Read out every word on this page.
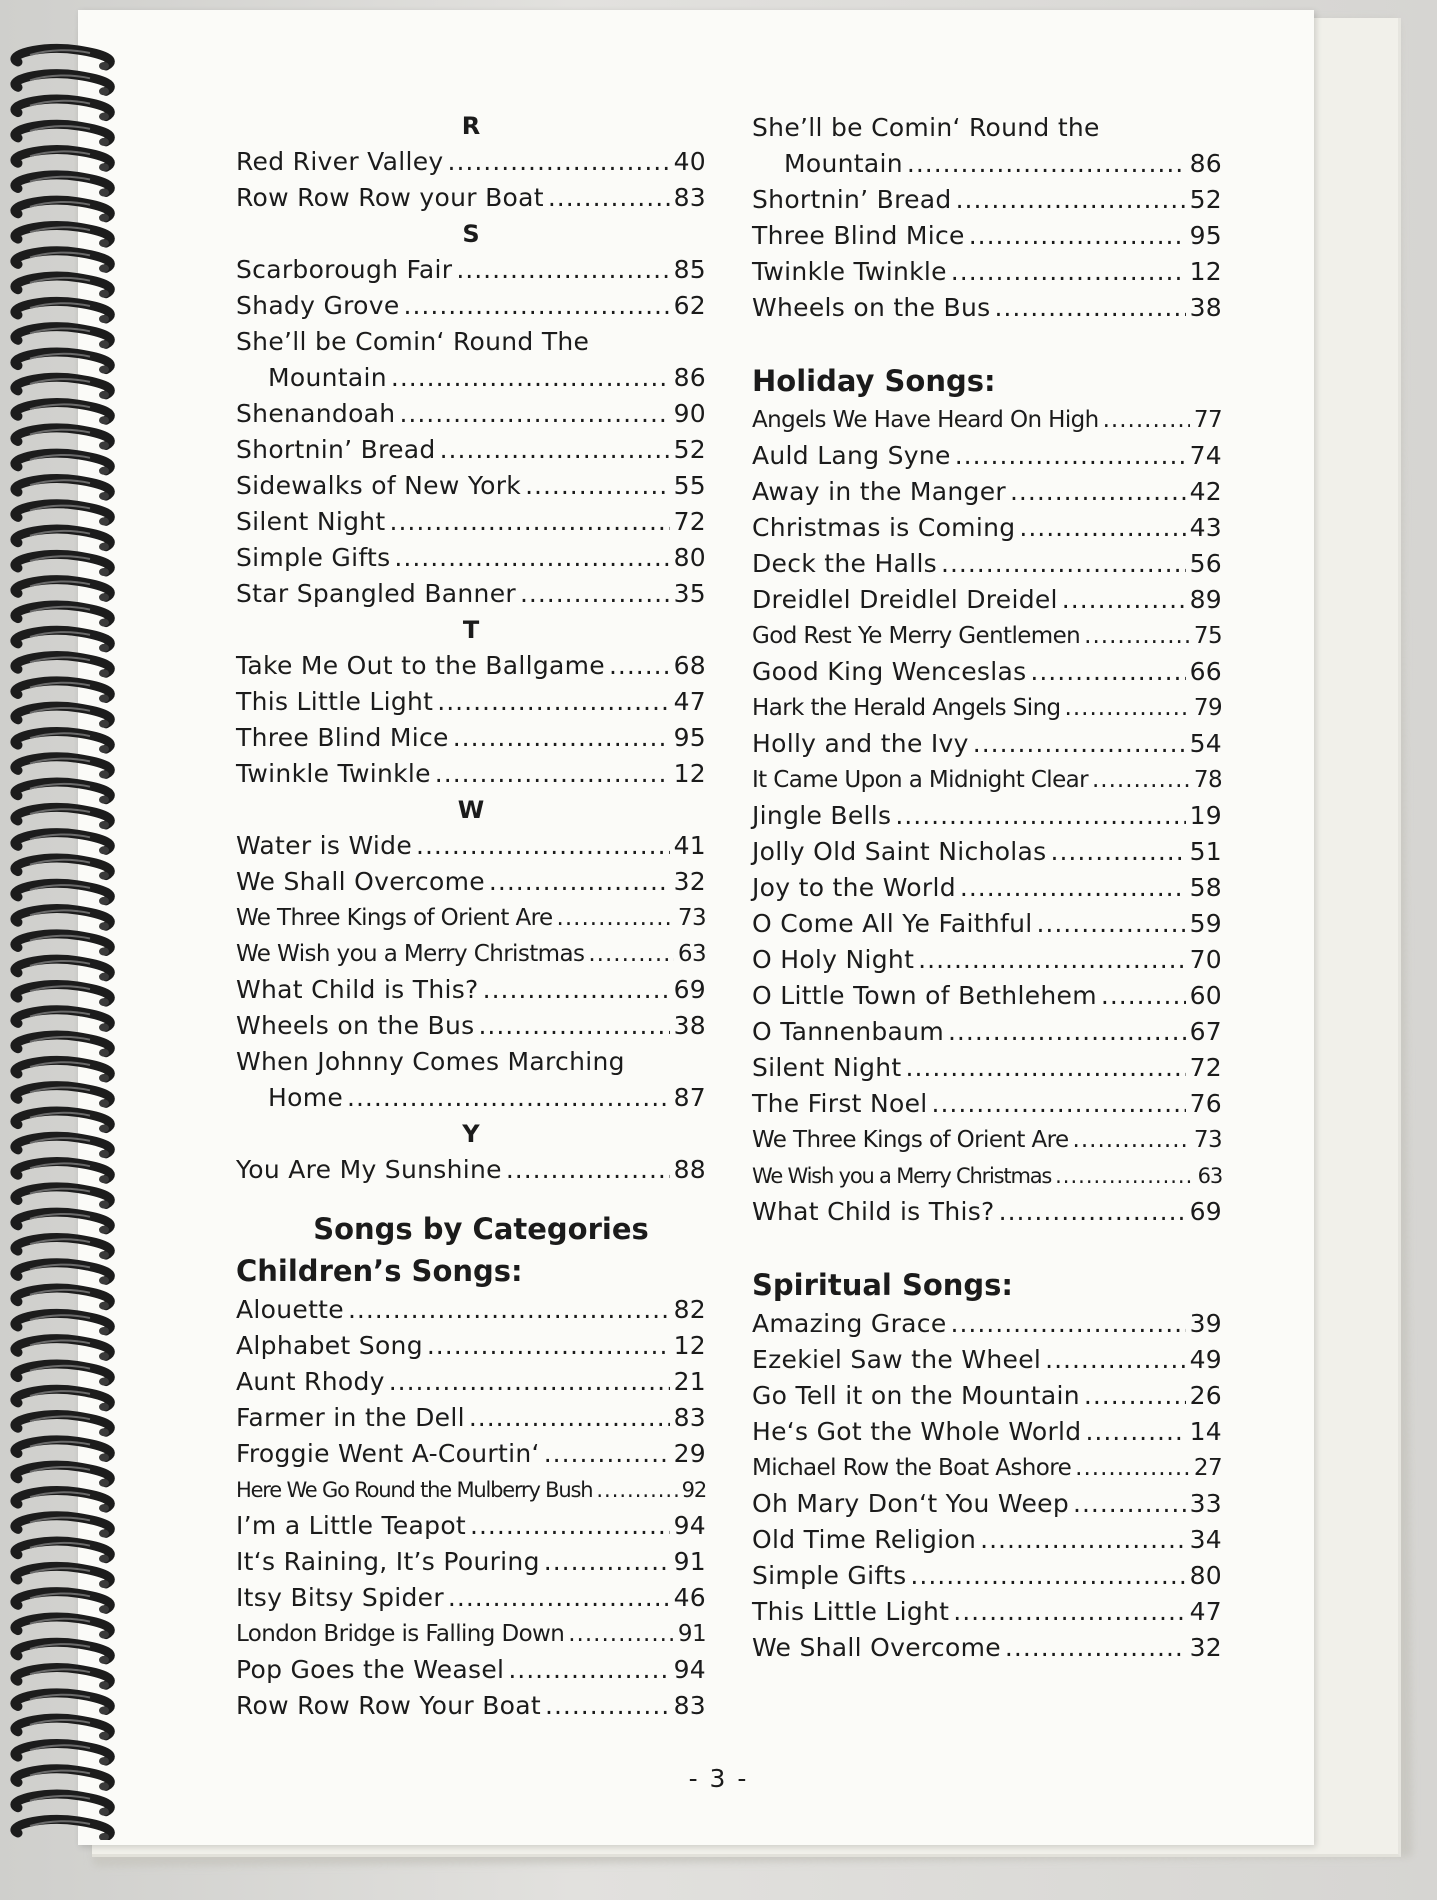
R
Red River Valley .....	40
Row Row Row your Boat .....	83
S
Scarborough Fair .....	85
Shady Grove .....	62
She’ll be Comin‘ Round The
Mountain .....	86
Shenandoah .....	90
Shortnin’ Bread .....	52
Sidewalks of New York .....	55
Silent Night .....	72
Simple Gifts .....	80
Star Spangled Banner .....	35
T
Take Me Out to the Ballgame .....	68
This Little Light .....	47
Three Blind Mice .....	95
Twinkle Twinkle .....	12
W
Water is Wide .....	41
We Shall Overcome .....	32
We Three Kings of Orient Are .....	73
We Wish you a Merry Christmas .....	63
What Child is This? .....	69
Wheels on the Bus .....	38
When Johnny Comes Marching
Home .....	87
Y
You Are My Sunshine .....	88
Songs by Categories
Children’s Songs:
Alouette .....	82
Alphabet Song .....	12
Aunt Rhody .....	21
Farmer in the Dell .....	83
Froggie Went A-Courtin‘ .....	29
Here We Go Round the Mulberry Bush .....	92
I’m a Little Teapot .....	94
It‘s Raining, It’s Pouring .....	91
Itsy Bitsy Spider .....	46
London Bridge is Falling Down .....	91
Pop Goes the Weasel .....	94
Row Row Row Your Boat .....	83
She’ll be Comin‘ Round the
Mountain .....	86
Shortnin’ Bread .....	52
Three Blind Mice .....	95
Twinkle Twinkle .....	12
Wheels on the Bus .....	38
Holiday Songs:
Angels We Have Heard On High .....	77
Auld Lang Syne .....	74
Away in the Manger .....	42
Christmas is Coming .....	43
Deck the Halls .....	56
Dreidlel Dreidlel Dreidel .....	89
God Rest Ye Merry Gentlemen .....	75
Good King Wenceslas .....	66
Hark the Herald Angels Sing .....	79
Holly and the Ivy .....	54
It Came Upon a Midnight Clear .....	78
Jingle Bells .....	19
Jolly Old Saint Nicholas .....	51
Joy to the World .....	58
O Come All Ye Faithful .....	59
O Holy Night .....	70
O Little Town of Bethlehem .....	60
O Tannenbaum .....	67
Silent Night .....	72
The First Noel .....	76
We Three Kings of Orient Are .....	73
We Wish you a Merry Christmas .....	63
What Child is This? .....	69
Spiritual Songs:
Amazing Grace .....	39
Ezekiel Saw the Wheel .....	49
Go Tell it on the Mountain .....	26
He‘s Got the Whole World .....	14
Michael Row the Boat Ashore .....	27
Oh Mary Don‘t You Weep .....	33
Old Time Religion .....	34
Simple Gifts .....	80
This Little Light .....	47
We Shall Overcome .....	32
- 3 -
